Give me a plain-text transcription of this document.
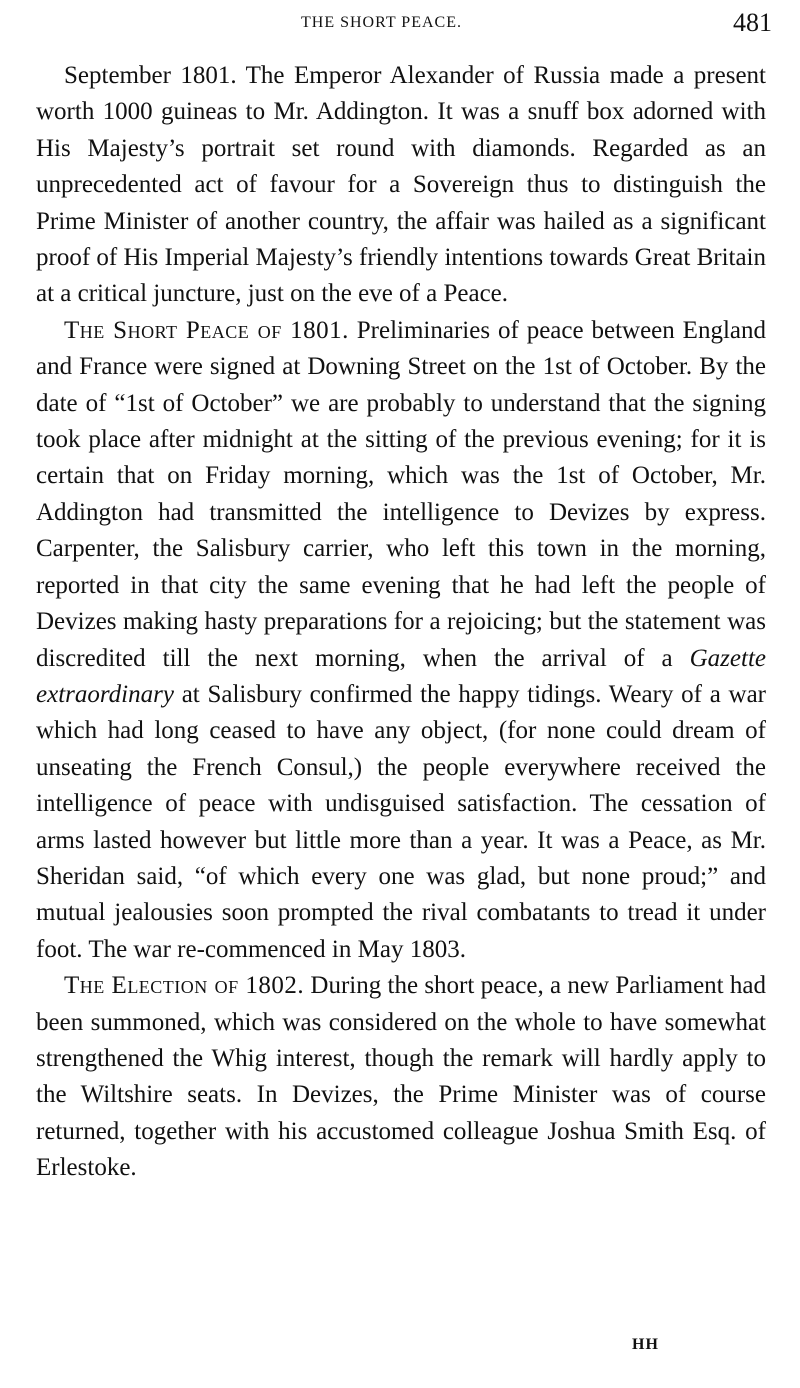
THE SHORT PEACE.	481

September 1801. The Emperor Alexander of Russia made a present worth 1000 guineas to Mr. Addington. It was a snuff box adorned with His Majesty’s portrait set round with diamonds. Regarded as an unprecedented act of favour for a Sovereign thus to distinguish the Prime Minister of another country, the affair was hailed as a significant proof of His Imperial Majesty’s friendly intentions towards Great Britain at a critical juncture, just on the eve of a Peace.

The Short Peace of 1801. Preliminaries of peace between England and France were signed at Downing Street on the 1st of October. By the date of “1st of October” we are probably to understand that the signing took place after midnight at the sitting of the previous evening; for it is certain that on Friday morning, which was the 1st of October, Mr. Addington had transmitted the intelligence to Devizes by express. Carpenter, the Salisbury carrier, who left this town in the morning, reported in that city the same evening that he had left the people of Devizes making hasty preparations for a rejoicing; but the statement was discredited till the next morning, when the arrival of a Gazette extraordinary at Salisbury confirmed the happy tidings. Weary of a war which had long ceased to have any object, (for none could dream of unseating the French Consul,) the people everywhere received the intelligence of peace with undisguised satisfaction. The cessation of arms lasted however but little more than a year. It was a Peace, as Mr. Sheridan said, “of which every one was glad, but none proud;” and mutual jealousies soon prompted the rival combatants to tread it under foot. The war re-commenced in May 1803.

The Election of 1802. During the short peace, a new Parliament had been summoned, which was considered on the whole to have somewhat strengthened the Whig interest, though the remark will hardly apply to the Wiltshire seats. In Devizes, the Prime Minister was of course returned, together with his accustomed colleague Joshua Smith Esq. of Erlestoke.

HH
